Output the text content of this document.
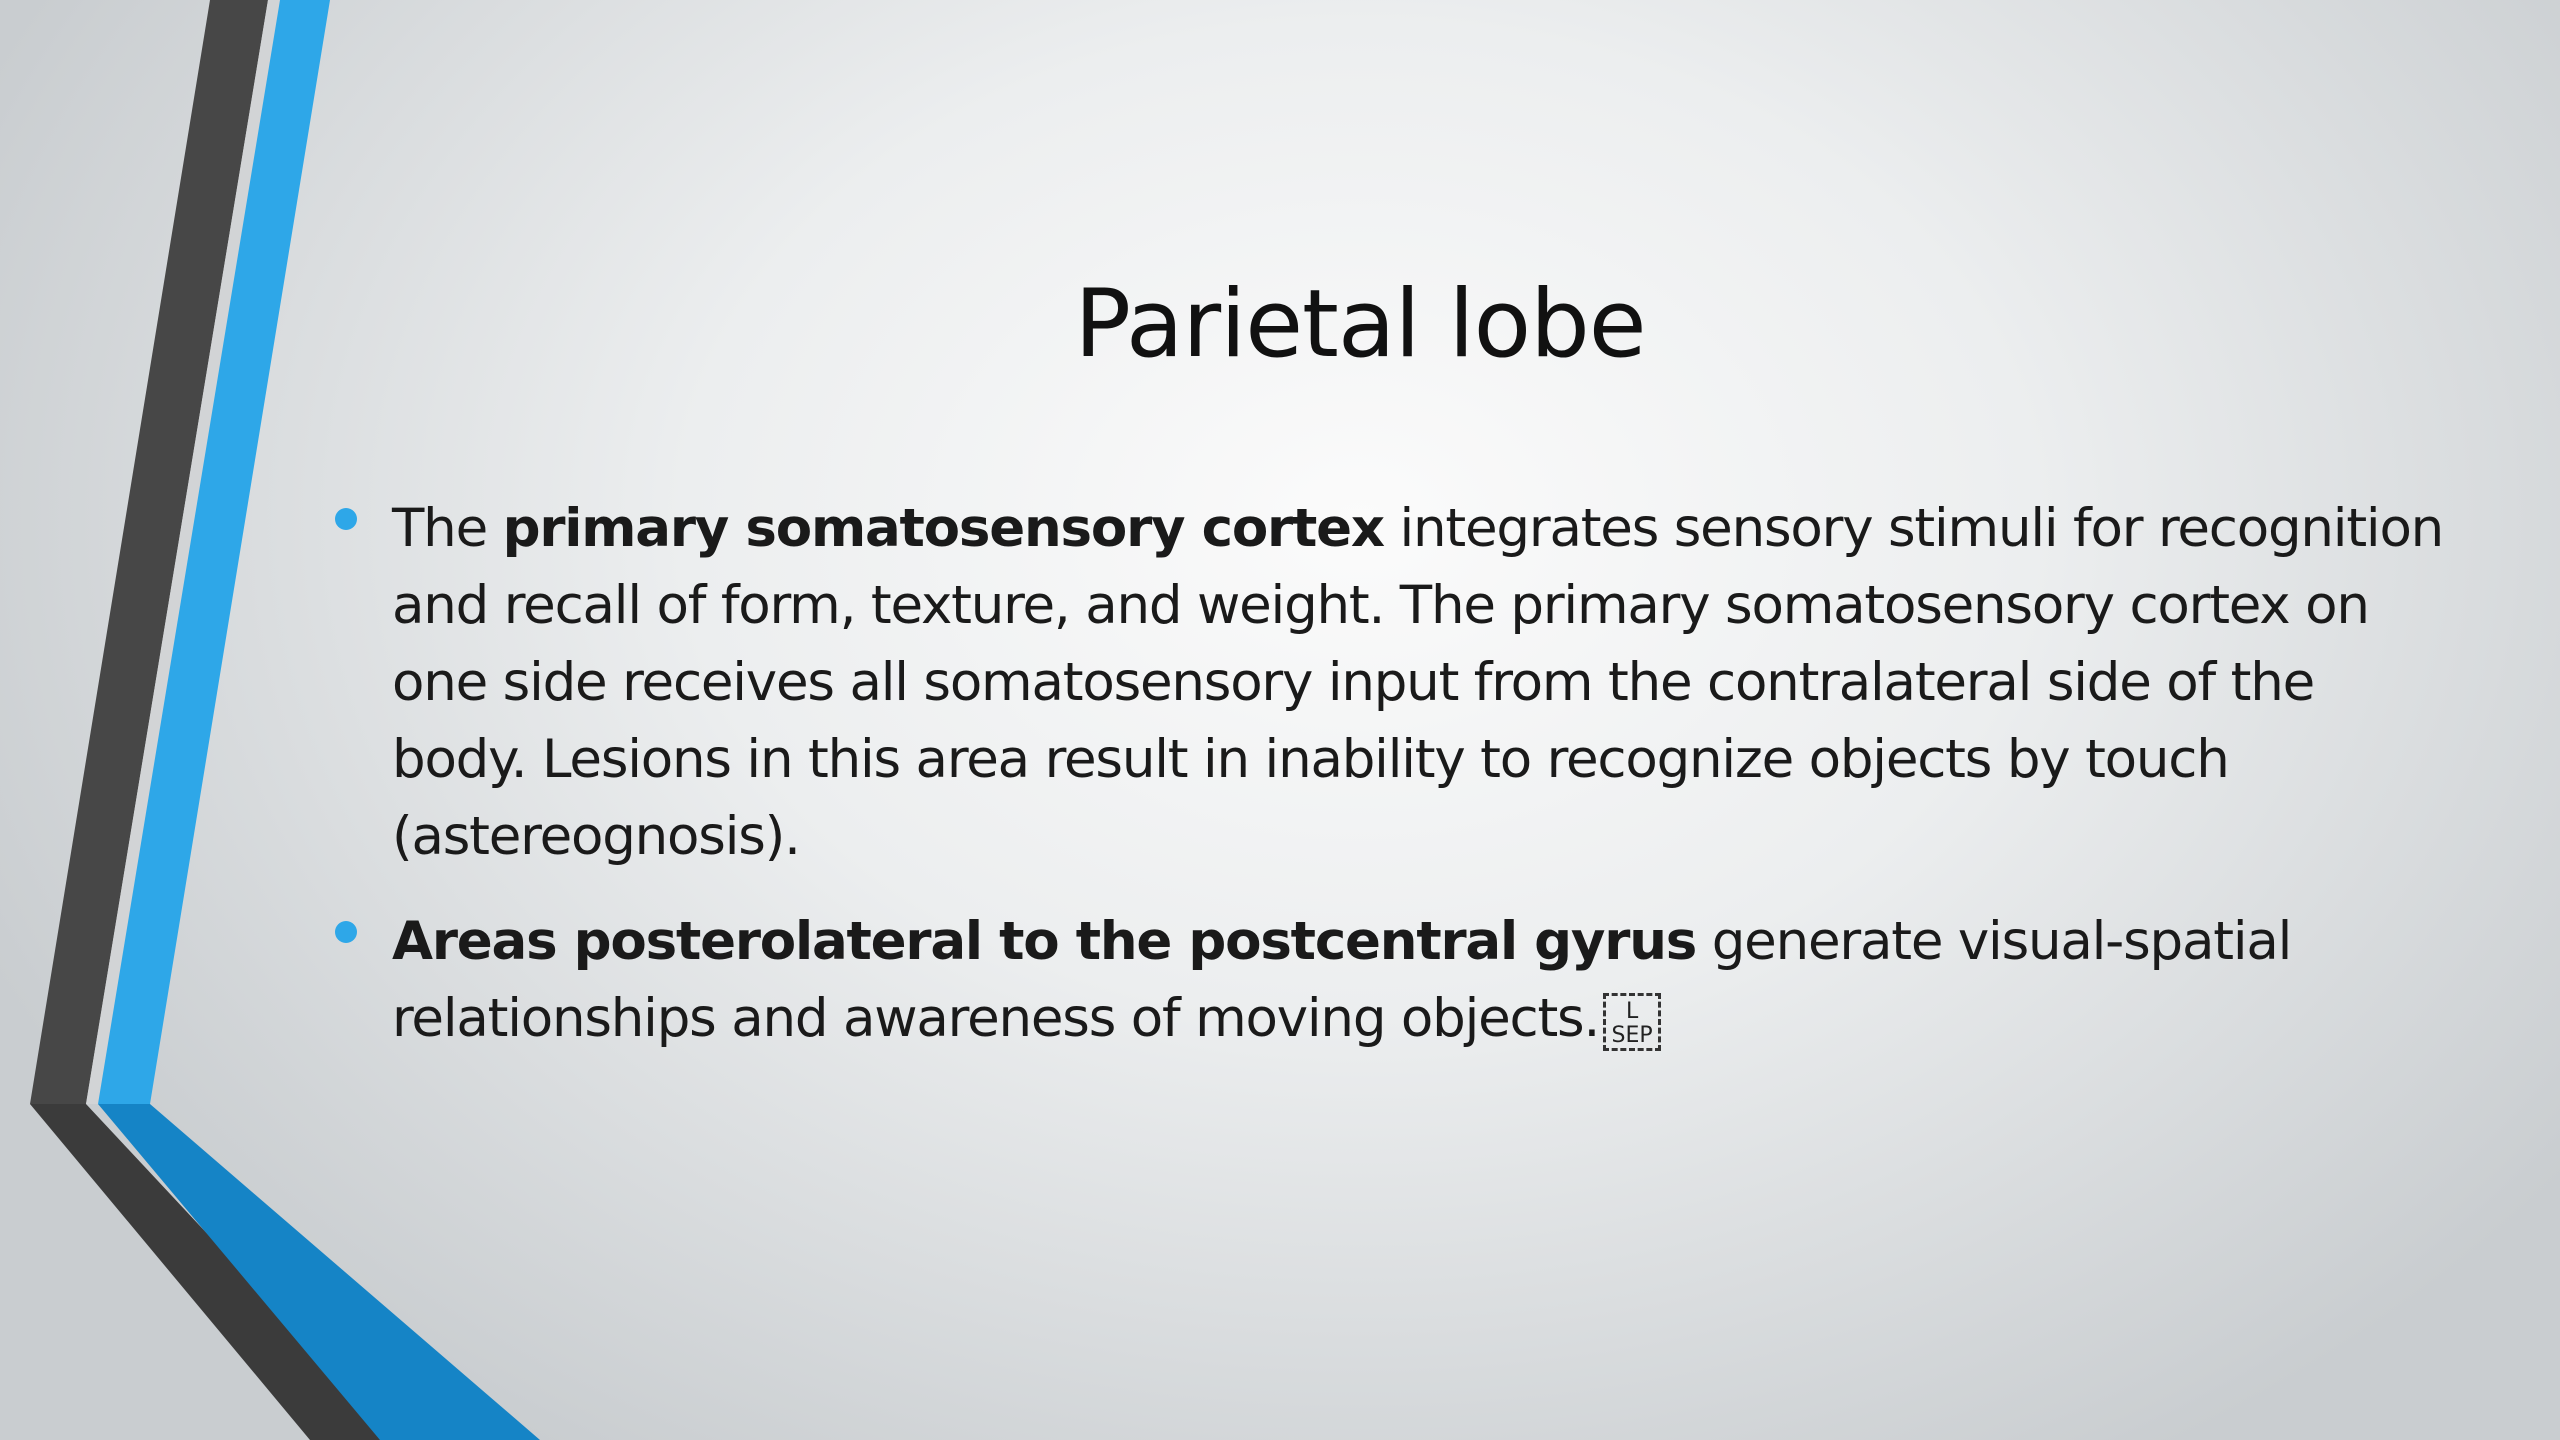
Parietal lobe
The primary somatosensory cortex integrates sensory stimuli for recognition and recall of form, texture, and weight. The primary somatosensory cortex on one side receives all somatosensory input from the contralateral side of the body. Lesions in this area result in inability to recognize objects by touch (astereognosis).
Areas posterolateral to the postcentral gyrus generate visual-spatial relationships and awareness of moving objects. L
SEP
